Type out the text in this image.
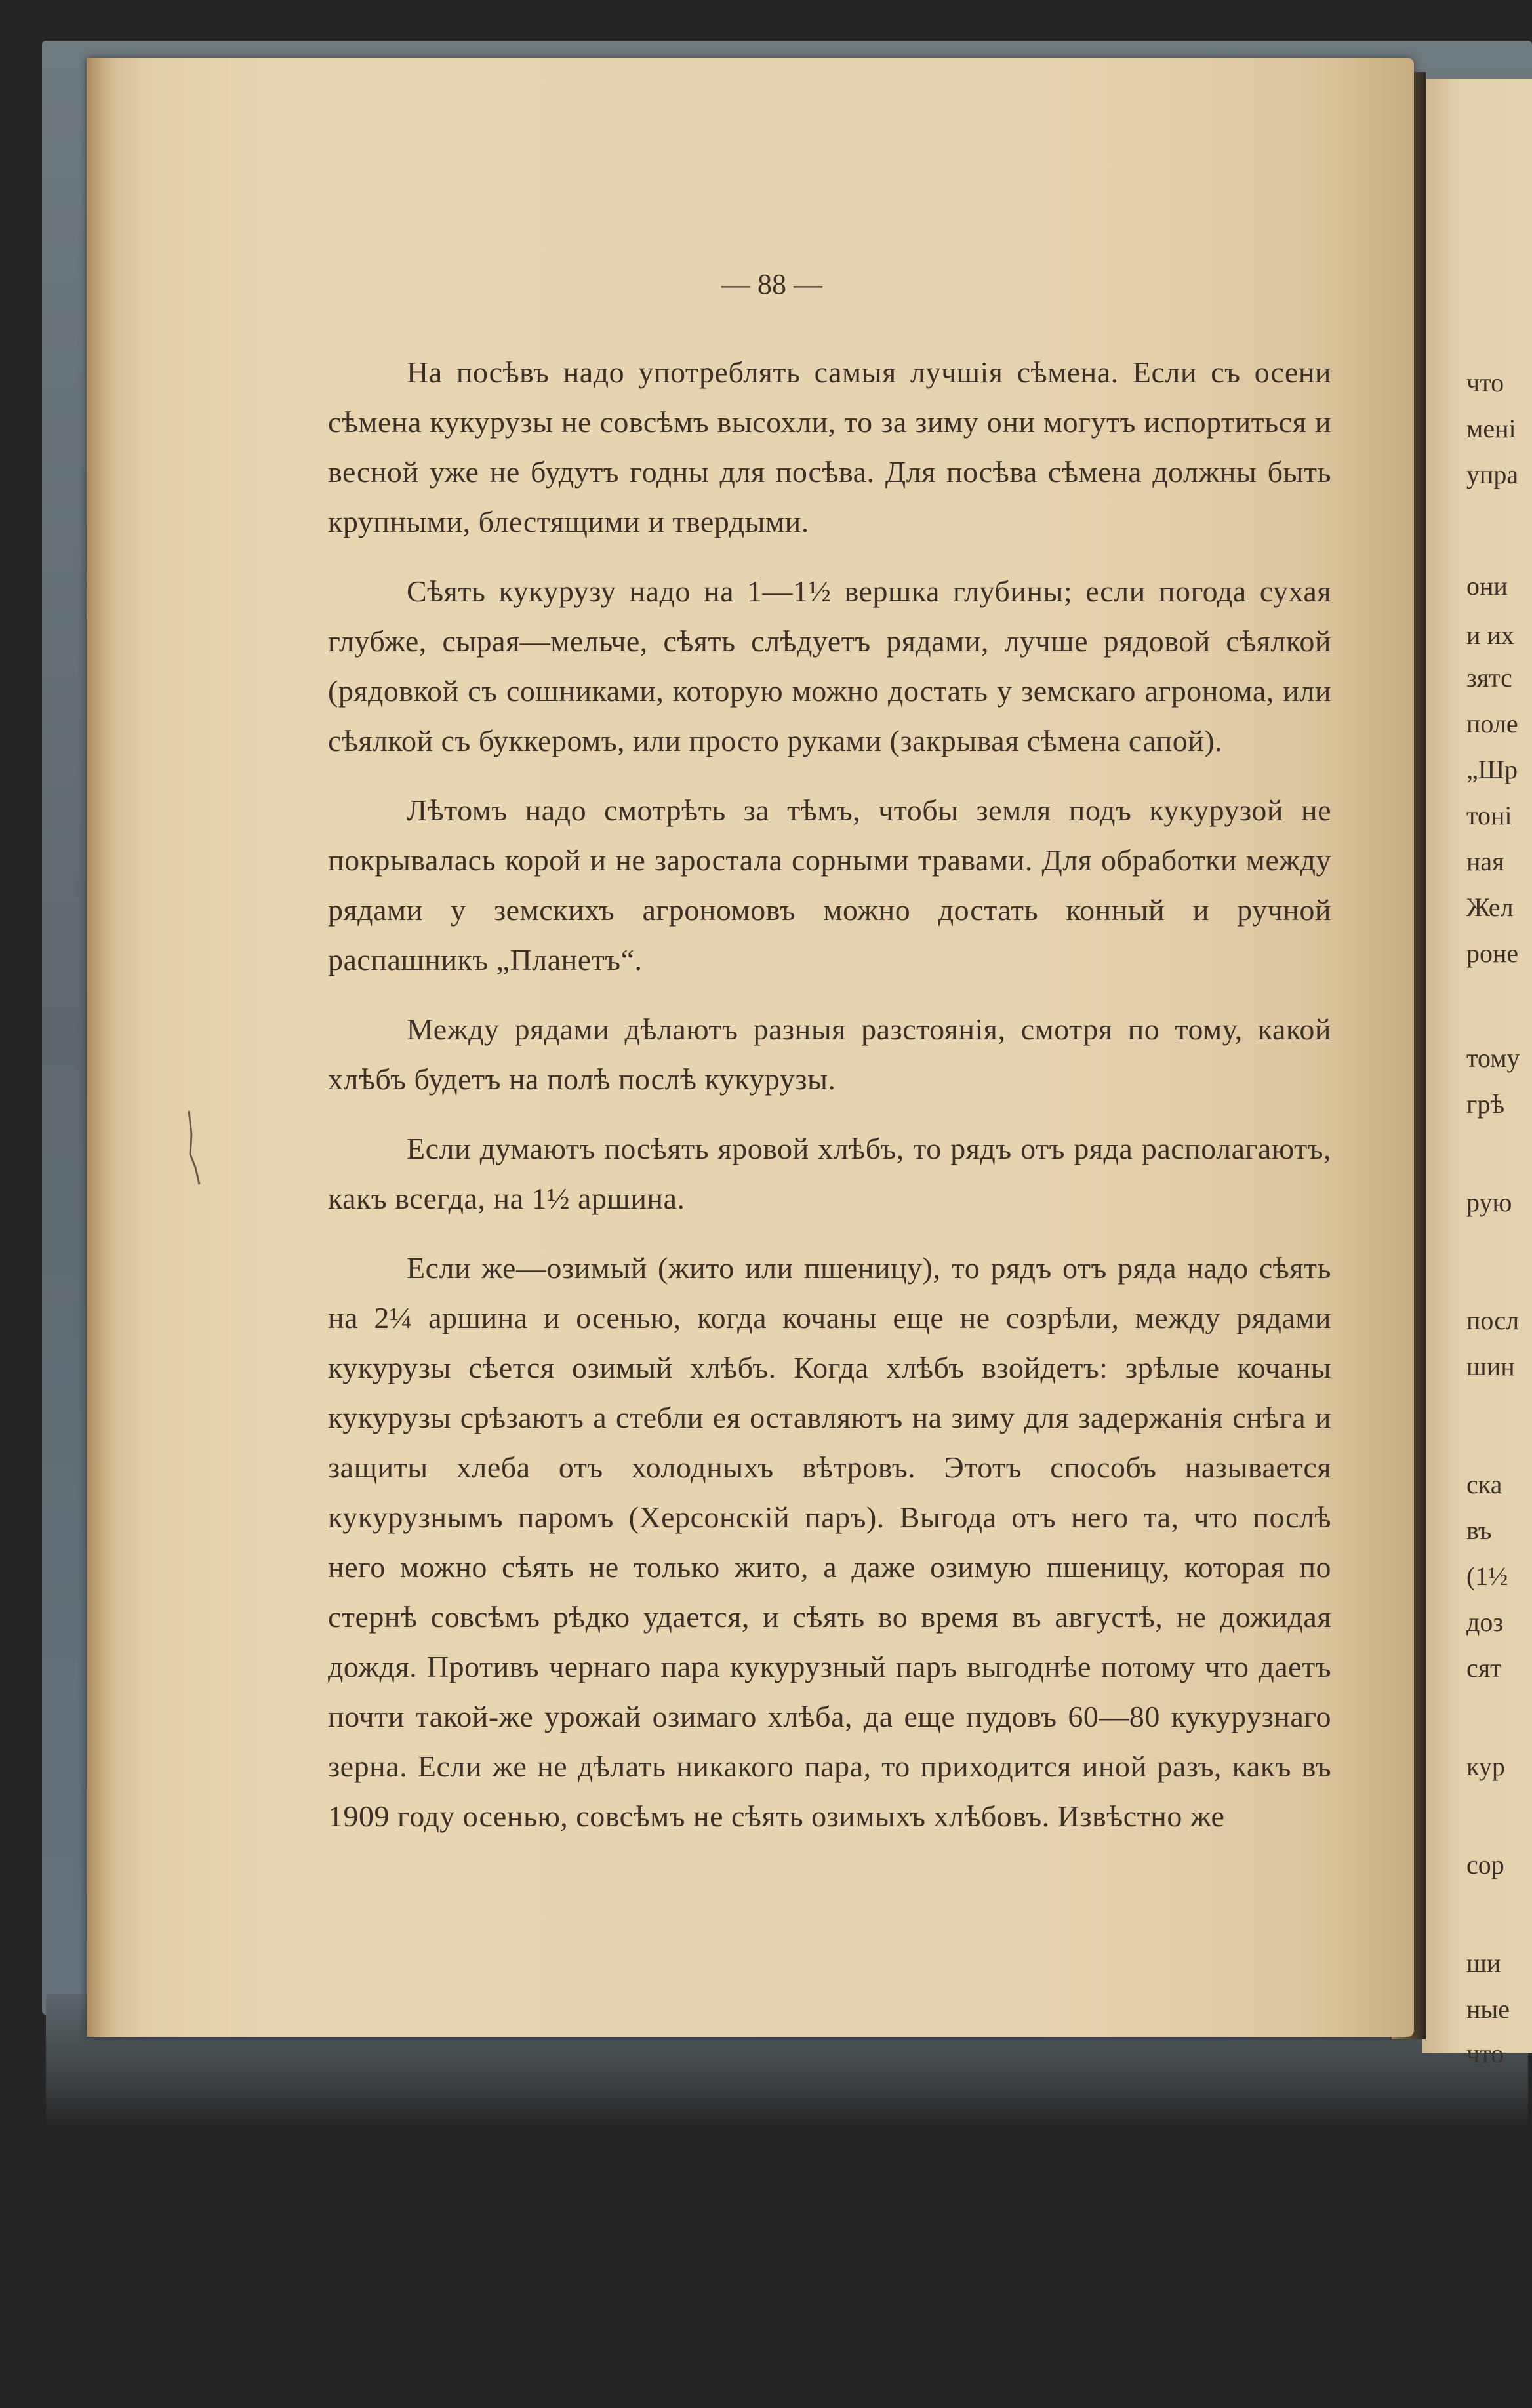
— 88 —

На посѣвъ надо употреблять самыя лучшія сѣмена. Если съ осени сѣмена кукурузы не совсѣмъ высохли, то за зиму они могутъ испортиться и весной уже не будутъ годны для посѣва. Для посѣва сѣмена должны быть крупными, блестящими и твердыми.

Сѣять кукурузу надо на 1—1½ вершка глубины; если погода сухая глубже, сырая—мельче, сѣять слѣдуетъ рядами, лучше рядовой сѣялкой (рядовкой съ сошниками, которую можно достать у земскаго агронома, или сѣялкой съ буккеромъ, или просто руками (закрывая сѣмена сапой).

Лѣтомъ надо смотрѣть за тѣмъ, чтобы земля подъ кукурузой не покрывалась корой и не заростала сорными травами. Для обработки между рядами у земскихъ агрономовъ можно достать конный и ручной распашникъ „Планетъ“.

Между рядами дѣлаютъ разныя разстоянія, смотря по тому, какой хлѣбъ будетъ на полѣ послѣ кукурузы.

Если думаютъ посѣять яровой хлѣбъ, то рядъ отъ ряда располагаютъ, какъ всегда, на 1½ аршина.

Если же—озимый (жито или пшеницу), то рядъ отъ ряда надо сѣять на 2¼ аршина и осенью, когда кочаны еще не созрѣли, между рядами кукурузы сѣется озимый хлѣбъ. Когда хлѣбъ взойдетъ: зрѣлые кочаны кукурузы срѣзаютъ а стебли ея оставляютъ на зиму для задержанія снѣга и защиты хлеба отъ холодныхъ вѣтровъ. Этотъ способъ называется кукурузнымъ паромъ (Херсонскій паръ). Выгода отъ него та, что послѣ него можно сѣять не только жито, а даже озимую пшеницу, которая по стернѣ совсѣмъ рѣдко удается, и сѣять во время въ августѣ, не дожидая дождя. Противъ чернаго пара кукурузный паръ выгоднѣе потому что даетъ почти такой-же урожай озимаго хлѣба, да еще пудовъ 60—80 кукурузнаго зерна. Если же не дѣлать никакого пара, то приходится иной разъ, какъ въ 1909 году осенью, совсѣмъ не сѣять озимыхъ хлѣбовъ. Извѣстно же

что
мені
упра
они
и их
зятс
поле
„Шр
тоні
ная
Жел
роне
тому
грѣ
рую
посл
шин
ска
въ
(1½
доз
сят
кур
сор
ши
ные
что
